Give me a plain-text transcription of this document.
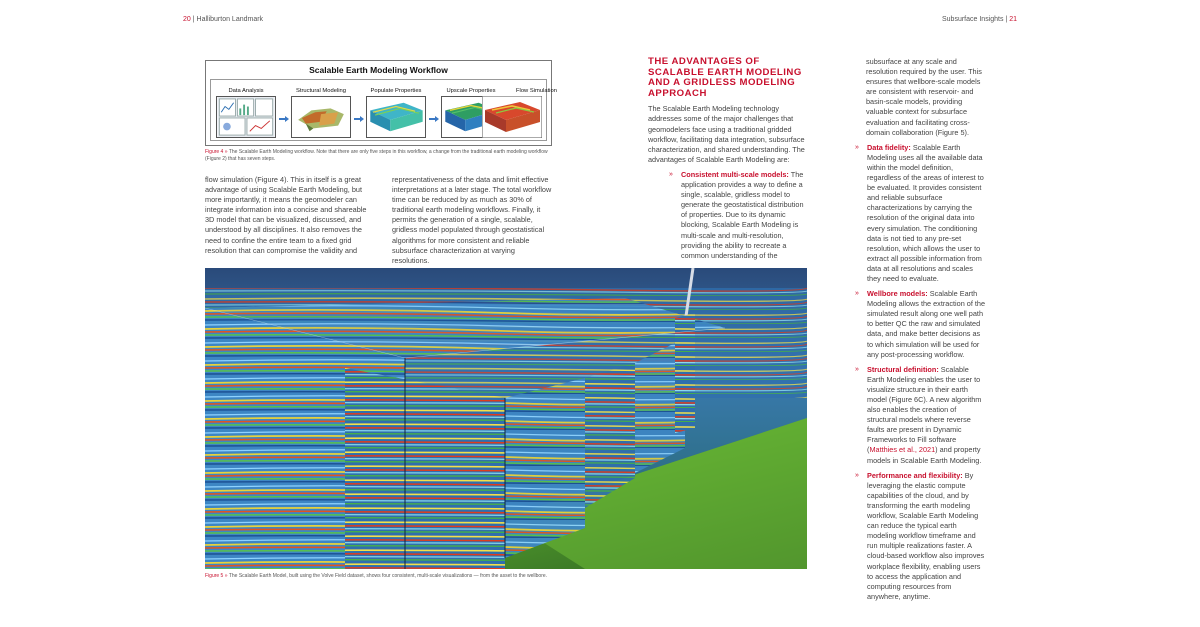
20 | Halliburton Landmark	Subsurface Insights | 21
Scalable Earth Modeling Workflow
Data Analysis	Structural Modeling	Populate Properties	Upscale Properties	Flow Simulation
Figure 4 » The Scalable Earth Modeling workflow. Note that there are only five steps in this workflow, a change from the traditional earth modeling workflow (Figure 2) that has seven steps.

flow simulation (Figure 4). This in itself is a great advantage of using Scalable Earth Modeling, but more importantly, it means the geomodeler can integrate information into a concise and shareable 3D model that can be visualized, discussed, and understood by all disciplines. It also removes the need to confine the entire team to a fixed grid resolution that can compromise the validity and

representativeness of the data and limit effective interpretations at a later stage. The total workflow time can be reduced by as much as 30% of traditional earth modeling workflows. Finally, it permits the generation of a single, scalable, gridless model populated through geostatistical algorithms for more consistent and reliable subsurface characterization at varying resolutions.

THE ADVANTAGES OF SCALABLE EARTH MODELING AND A GRIDLESS MODELING APPROACH
The Scalable Earth Modeling technology addresses some of the major challenges that geomodelers face using a traditional gridded workflow, facilitating data integration, subsurface characterization, and shared understanding. The advantages of Scalable Earth Modeling are:
»	Consistent multi-scale models: The application provides a way to define a single, scalable, gridless model to generate the geostatistical distribution of properties. Due to its dynamic blocking, Scalable Earth Modeling is multi-scale and multi-resolution, providing the ability to recreate a common understanding of the
subsurface at any scale and resolution required by the user. This ensures that wellbore-scale models are consistent with reservoir- and basin-scale models, providing valuable context for subsurface evaluation and facilitating cross-domain collaboration (Figure 5).
»	Data fidelity: Scalable Earth Modeling uses all the available data within the model definition, regardless of the areas of interest to be evaluated. It provides consistent and reliable subsurface characterizations by carrying the resolution of the original data into every simulation. The conditioning data is not tied to any pre-set resolution, which allows the user to extract all possible information from data at all resolutions and scales they need to evaluate.
»	Wellbore models: Scalable Earth Modeling allows the extraction of the simulated result along one well path to better QC the raw and simulated data, and make better decisions as to which simulation will be used for any post-processing workflow.
»	Structural definition: Scalable Earth Modeling enables the user to visualize structure in their earth model (Figure 6C). A new algorithm also enables the creation of structural models where reverse faults are present in Dynamic Frameworks to Fill software (Matthies et al., 2021) and property models in Scalable Earth Modeling.
»	Performance and flexibility: By leveraging the elastic compute capabilities of the cloud, and by transforming the earth modeling workflow, Scalable Earth Modeling can reduce the typical earth modeling workflow timeframe and run multiple realizations faster. A cloud-based workflow also improves workplace flexibility, enabling users to access the application and computing resources from anywhere, anytime.
Figure 5 » The Scalable Earth Model, built using the Volve Field dataset, shows four consistent, multi-scale visualizations — from the asset to the wellbore.
